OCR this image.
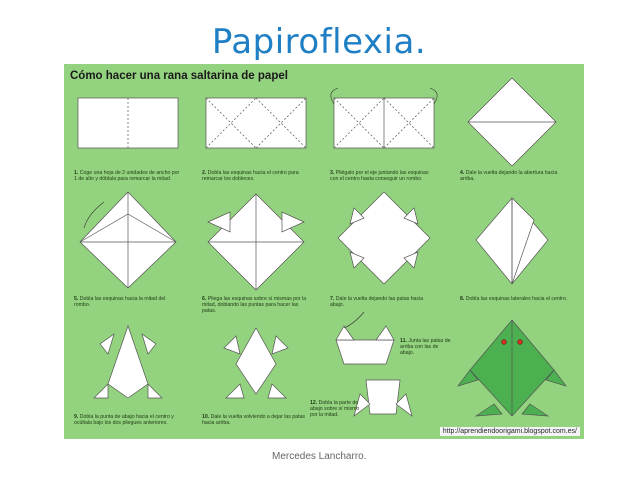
Papiroflexia.
Cómo hacer una rana saltarina de papel
1. Coge una hoja de 2 unidades de ancho por 1 de alto y dóblala para remarcar la mitad.
2. Dobla las esquinas hacia el centro para remarcar los dobleces.
3. Pliégalo por el eje juntando las esquinas con el centro hasta conseguir un rombo.
4. Dale la vuelta dejando la abertura hacia arriba.
5. Dobla las esquinas hacia la mitad del rombo.
6. Pliega las esquinas sobre sí mismas por la mitad, doblando las puntas para hacer las patas.
7. Dale la vuelta dejando las patas hacia abajo.
8. Dobla las esquinas laterales hacia el centro.
9. Dobla la punta de abajo hacia el centro y ocúltala bajo los dos pliegues anteriores.
10. Dale la vuelta volviendo a dejar las patas hacia arriba.
11. Junta las patas de arriba con las de abajo.
12. Dobla la parte de abajo sobre sí mismo por la mitad.
http://aprendiendoorigami.blogspot.com.es/
Mercedes Lancharro.
